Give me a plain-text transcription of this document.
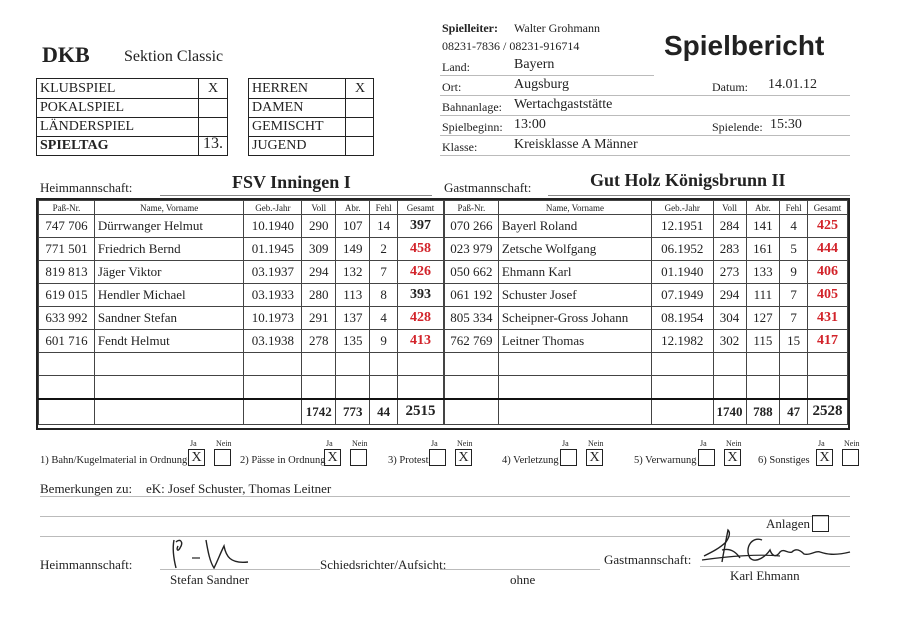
DKB Sektion Classic	Spielbericht
KLUBSPIEL	X
POKALSPIEL
LÄNDERSPIEL
SPIELTAG	13.
HERREN	X
DAMEN
GEMISCHT
JUGEND
Spielleiter: Walter Grohmann
08231-7836 / 08231-916714
Land:	Bayern
Ort:	Augsburg	Datum: 14.01.12
Bahnanlage: Wertachgaststätte
Spielbeginn: 13:00	Spielende: 15:30
Klasse:	Kreisklasse A Männer
Heimmannschaft:	FSV Inningen I	Gastmannschaft:	Gut Holz Königsbrunn II
Paß-Nr.	Name, Vorname	Geb.-Jahr	Voll	Abr.	Fehl	Gesamt
747 706	Dürrwanger Helmut	10.1940	290	107	14	397
771 501	Friedrich Bernd	01.1945	309	149	2	458
819 813	Jäger Viktor	03.1937	294	132	7	426
619 015	Hendler Michael	03.1933	280	113	8	393
633 992	Sandner Stefan	10.1973	291	137	4	428
601 716	Fendt Helmut	03.1938	278	135	9	413

			1742	773	44	2515
Paß-Nr.	Name, Vorname	Geb.-Jahr	Voll	Abr.	Fehl	Gesamt
070 266	Bayerl Roland	12.1951	284	141	4	425
023 979	Zetsche Wolfgang	06.1952	283	161	5	444
050 662	Ehmann Karl	01.1940	273	133	9	406
061 192	Schuster Josef	07.1949	294	111	7	405
805 334	Scheipner-Gross Johann	08.1954	304	127	7	431
762 769	Leitner Thomas	12.1982	302	115	15	417

			1740	788	47	2528
1) Bahn/Kugelmaterial in Ordnung
Ja
X
Nein
2) Pässe in Ordnung
Ja
X
Nein
3) Protest
Ja Nein
X	4) Verletzung
Ja Nein
X	5) Verwarnung
Ja Nein
X	6) Sonstiges
Ja
X
Nein
Bemerkungen zu: eK: Josef Schuster, Thomas Leitner
Anlagen
Heimmannschaft:
Stefan Sandner
Schiedsrichter/Aufsicht:
ohne
Gastmannschaft:
Karl Ehmann
